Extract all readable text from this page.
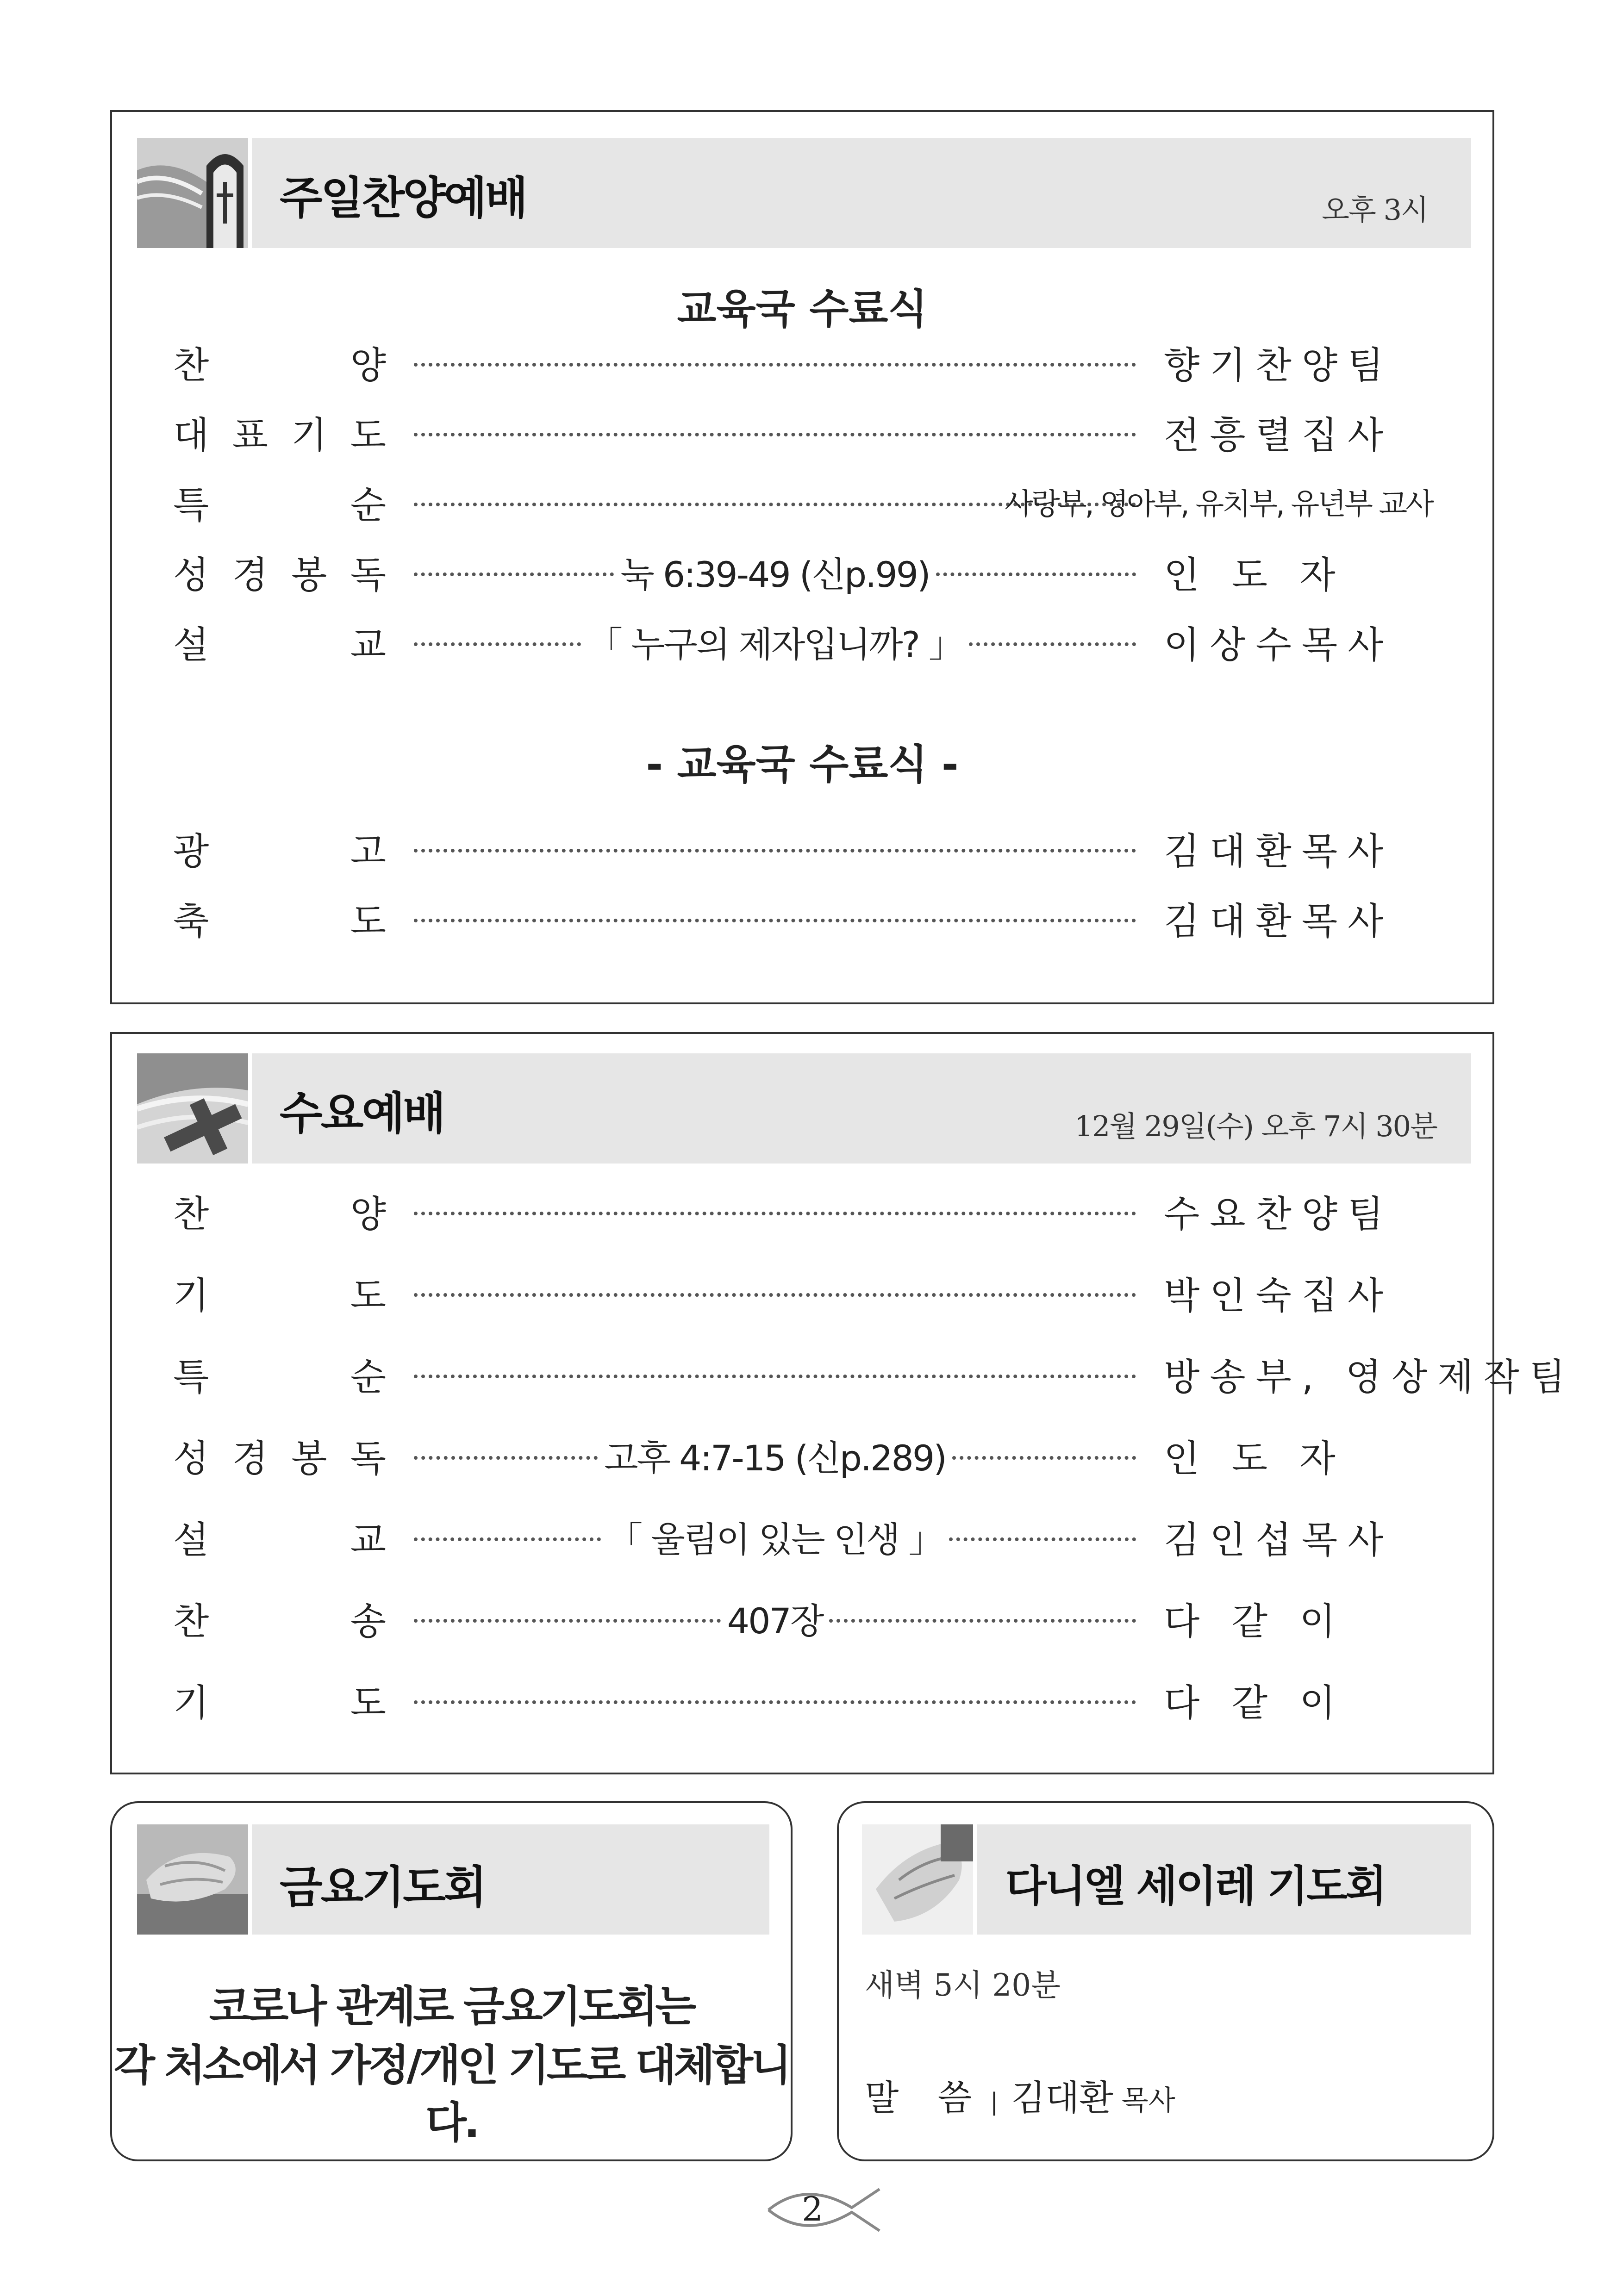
주일찬양예배	오후 3시
교육국 수료식
찬	양	향기찬양팀
대 표 기 도	전흥렬집사
특	순	사랑부, 영아부, 유치부, 유년부 교사
성 경 봉 독	눅 6:39-49 (신p.99)	인 도 자
설	교	「 누구의 제자입니까? 」	이상수목사
광	고	김대환목사
축	도	김대환목사
- 교육국 수료식 -
수요예배	12월 29일(수) 오후 7시 30분
찬	양	수요찬양팀
기	도	박인숙집사
특	순	방송부, 영상제작팀
성 경 봉 독	고후 4:7-15 (신p.289)	인 도 자
설	교	「 울림이 있는 인생 」	김인섭목사
찬	송	407장	다 같 이
기	도	다 같 이
금요기도회
코로나 관계로 금요기도회는
각 처소에서 가정/개인 기도로 대체합니다.
다니엘 세이레 기도회
새벽 5시 20분
말 씀 | 김대환 목사
2
